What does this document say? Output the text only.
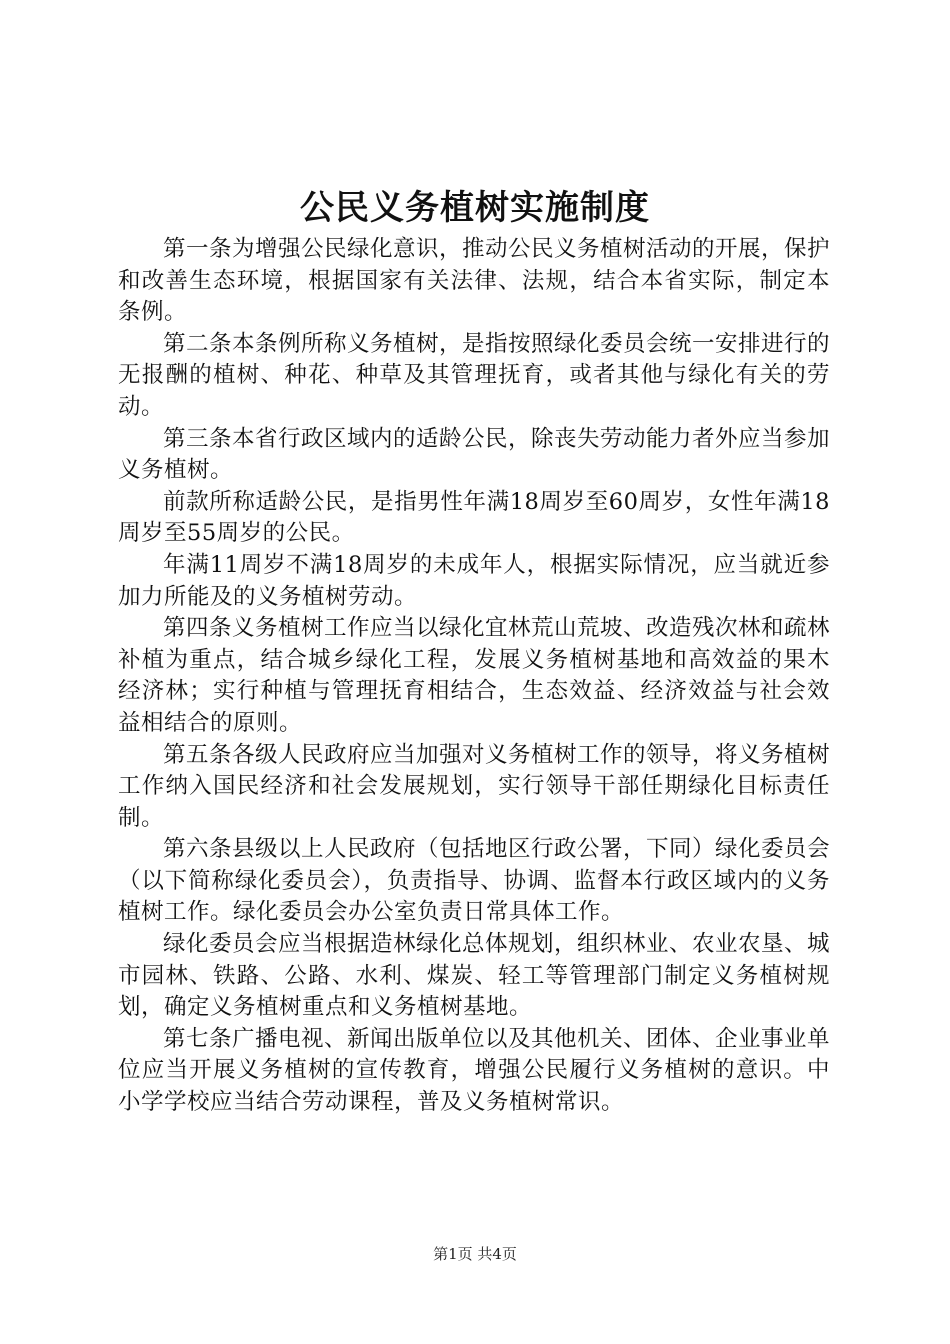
公民义务植树实施制度

第一条为增强公民绿化意识，推动公民义务植树活动的开展，保护和改善生态环境，根据国家有关法律、法规，结合本省实际，制定本条例。

第二条本条例所称义务植树，是指按照绿化委员会统一安排进行的无报酬的植树、种花、种草及其管理抚育，或者其他与绿化有关的劳动。

第三条本省行政区域内的适龄公民，除丧失劳动能力者外应当参加义务植树。

前款所称适龄公民，是指男性年满18周岁至60周岁，女性年满18周岁至55周岁的公民。

年满11周岁不满18周岁的未成年人，根据实际情况，应当就近参加力所能及的义务植树劳动。

第四条义务植树工作应当以绿化宜林荒山荒坡、改造残次林和疏林补植为重点，结合城乡绿化工程，发展义务植树基地和高效益的果木经济林；实行种植与管理抚育相结合，生态效益、经济效益与社会效益相结合的原则。

第五条各级人民政府应当加强对义务植树工作的领导，将义务植树工作纳入国民经济和社会发展规划，实行领导干部任期绿化目标责任制。

第六条县级以上人民政府（包括地区行政公署，下同）绿化委员会（以下简称绿化委员会），负责指导、协调、监督本行政区域内的义务植树工作。绿化委员会办公室负责日常具体工作。

绿化委员会应当根据造林绿化总体规划，组织林业、农业农垦、城市园林、铁路、公路、水利、煤炭、轻工等管理部门制定义务植树规划，确定义务植树重点和义务植树基地。

第七条广播电视、新闻出版单位以及其他机关、团体、企业事业单位应当开展义务植树的宣传教育，增强公民履行义务植树的意识。中小学学校应当结合劳动课程，普及义务植树常识。

第1页 共4页
